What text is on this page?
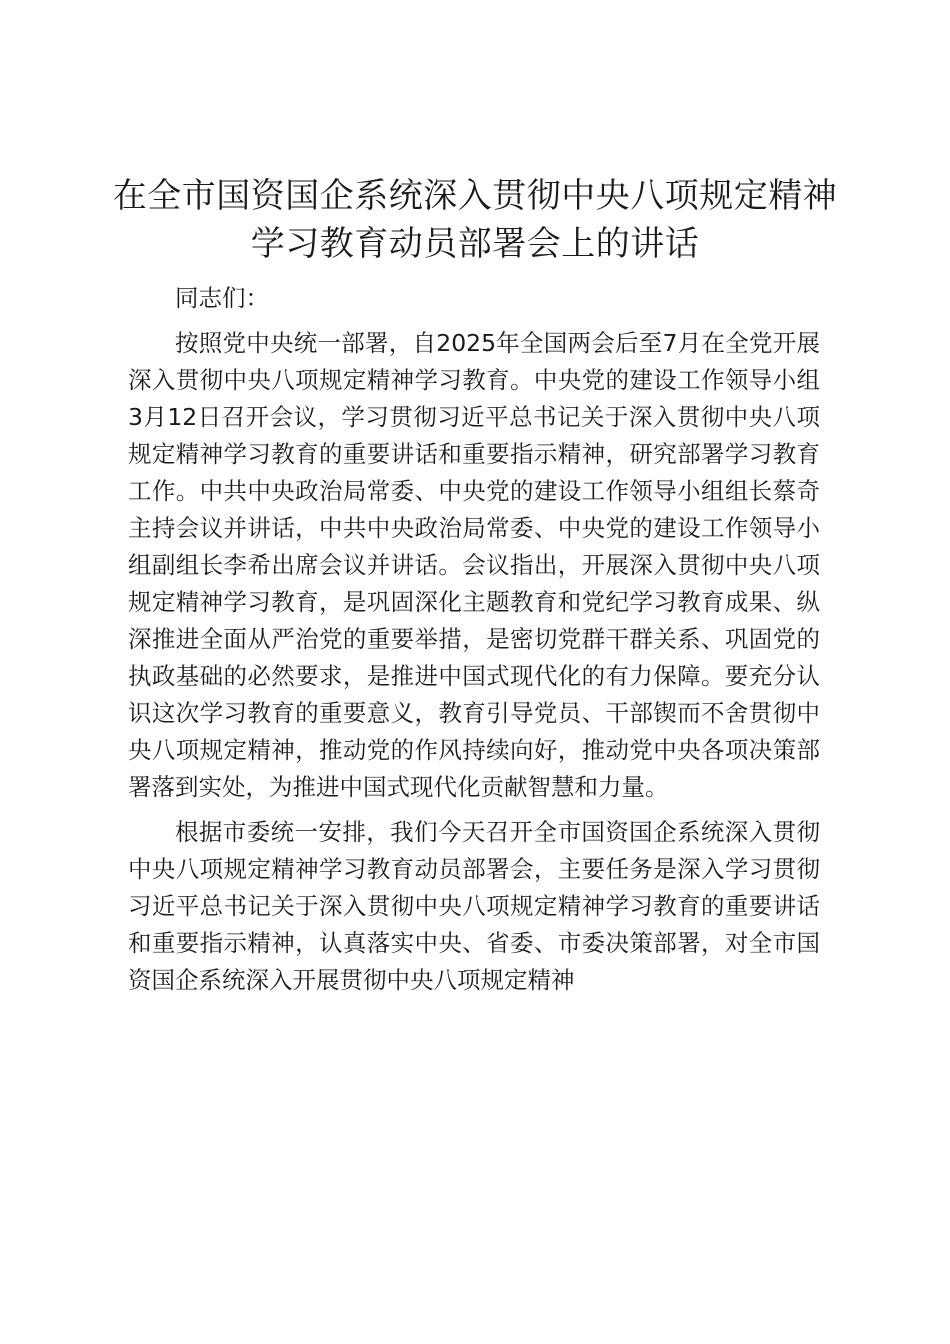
在全市国资国企系统深入贯彻中央八项规定精神学习教育动员部署会上的讲话

同志们：

按照党中央统一部署，自2025年全国两会后至7月在全党开展深入贯彻中央八项规定精神学习教育。中央党的建设工作领导小组3月12日召开会议，学习贯彻习近平总书记关于深入贯彻中央八项规定精神学习教育的重要讲话和重要指示精神，研究部署学习教育工作。中共中央政治局常委、中央党的建设工作领导小组组长蔡奇主持会议并讲话，中共中央政治局常委、中央党的建设工作领导小组副组长李希出席会议并讲话。会议指出，开展深入贯彻中央八项规定精神学习教育，是巩固深化主题教育和党纪学习教育成果、纵深推进全面从严治党的重要举措，是密切党群干群关系、巩固党的执政基础的必然要求，是推进中国式现代化的有力保障。要充分认识这次学习教育的重要意义，教育引导党员、干部锲而不舍贯彻中央八项规定精神，推动党的作风持续向好，推动党中央各项决策部署落到实处，为推进中国式现代化贡献智慧和力量。

根据市委统一安排，我们今天召开全市国资国企系统深入贯彻中央八项规定精神学习教育动员部署会，主要任务是深入学习贯彻习近平总书记关于深入贯彻中央八项规定精神学习教育的重要讲话和重要指示精神，认真落实中央、省委、市委决策部署，对全市国资国企系统深入开展贯彻中央八项规定精神
